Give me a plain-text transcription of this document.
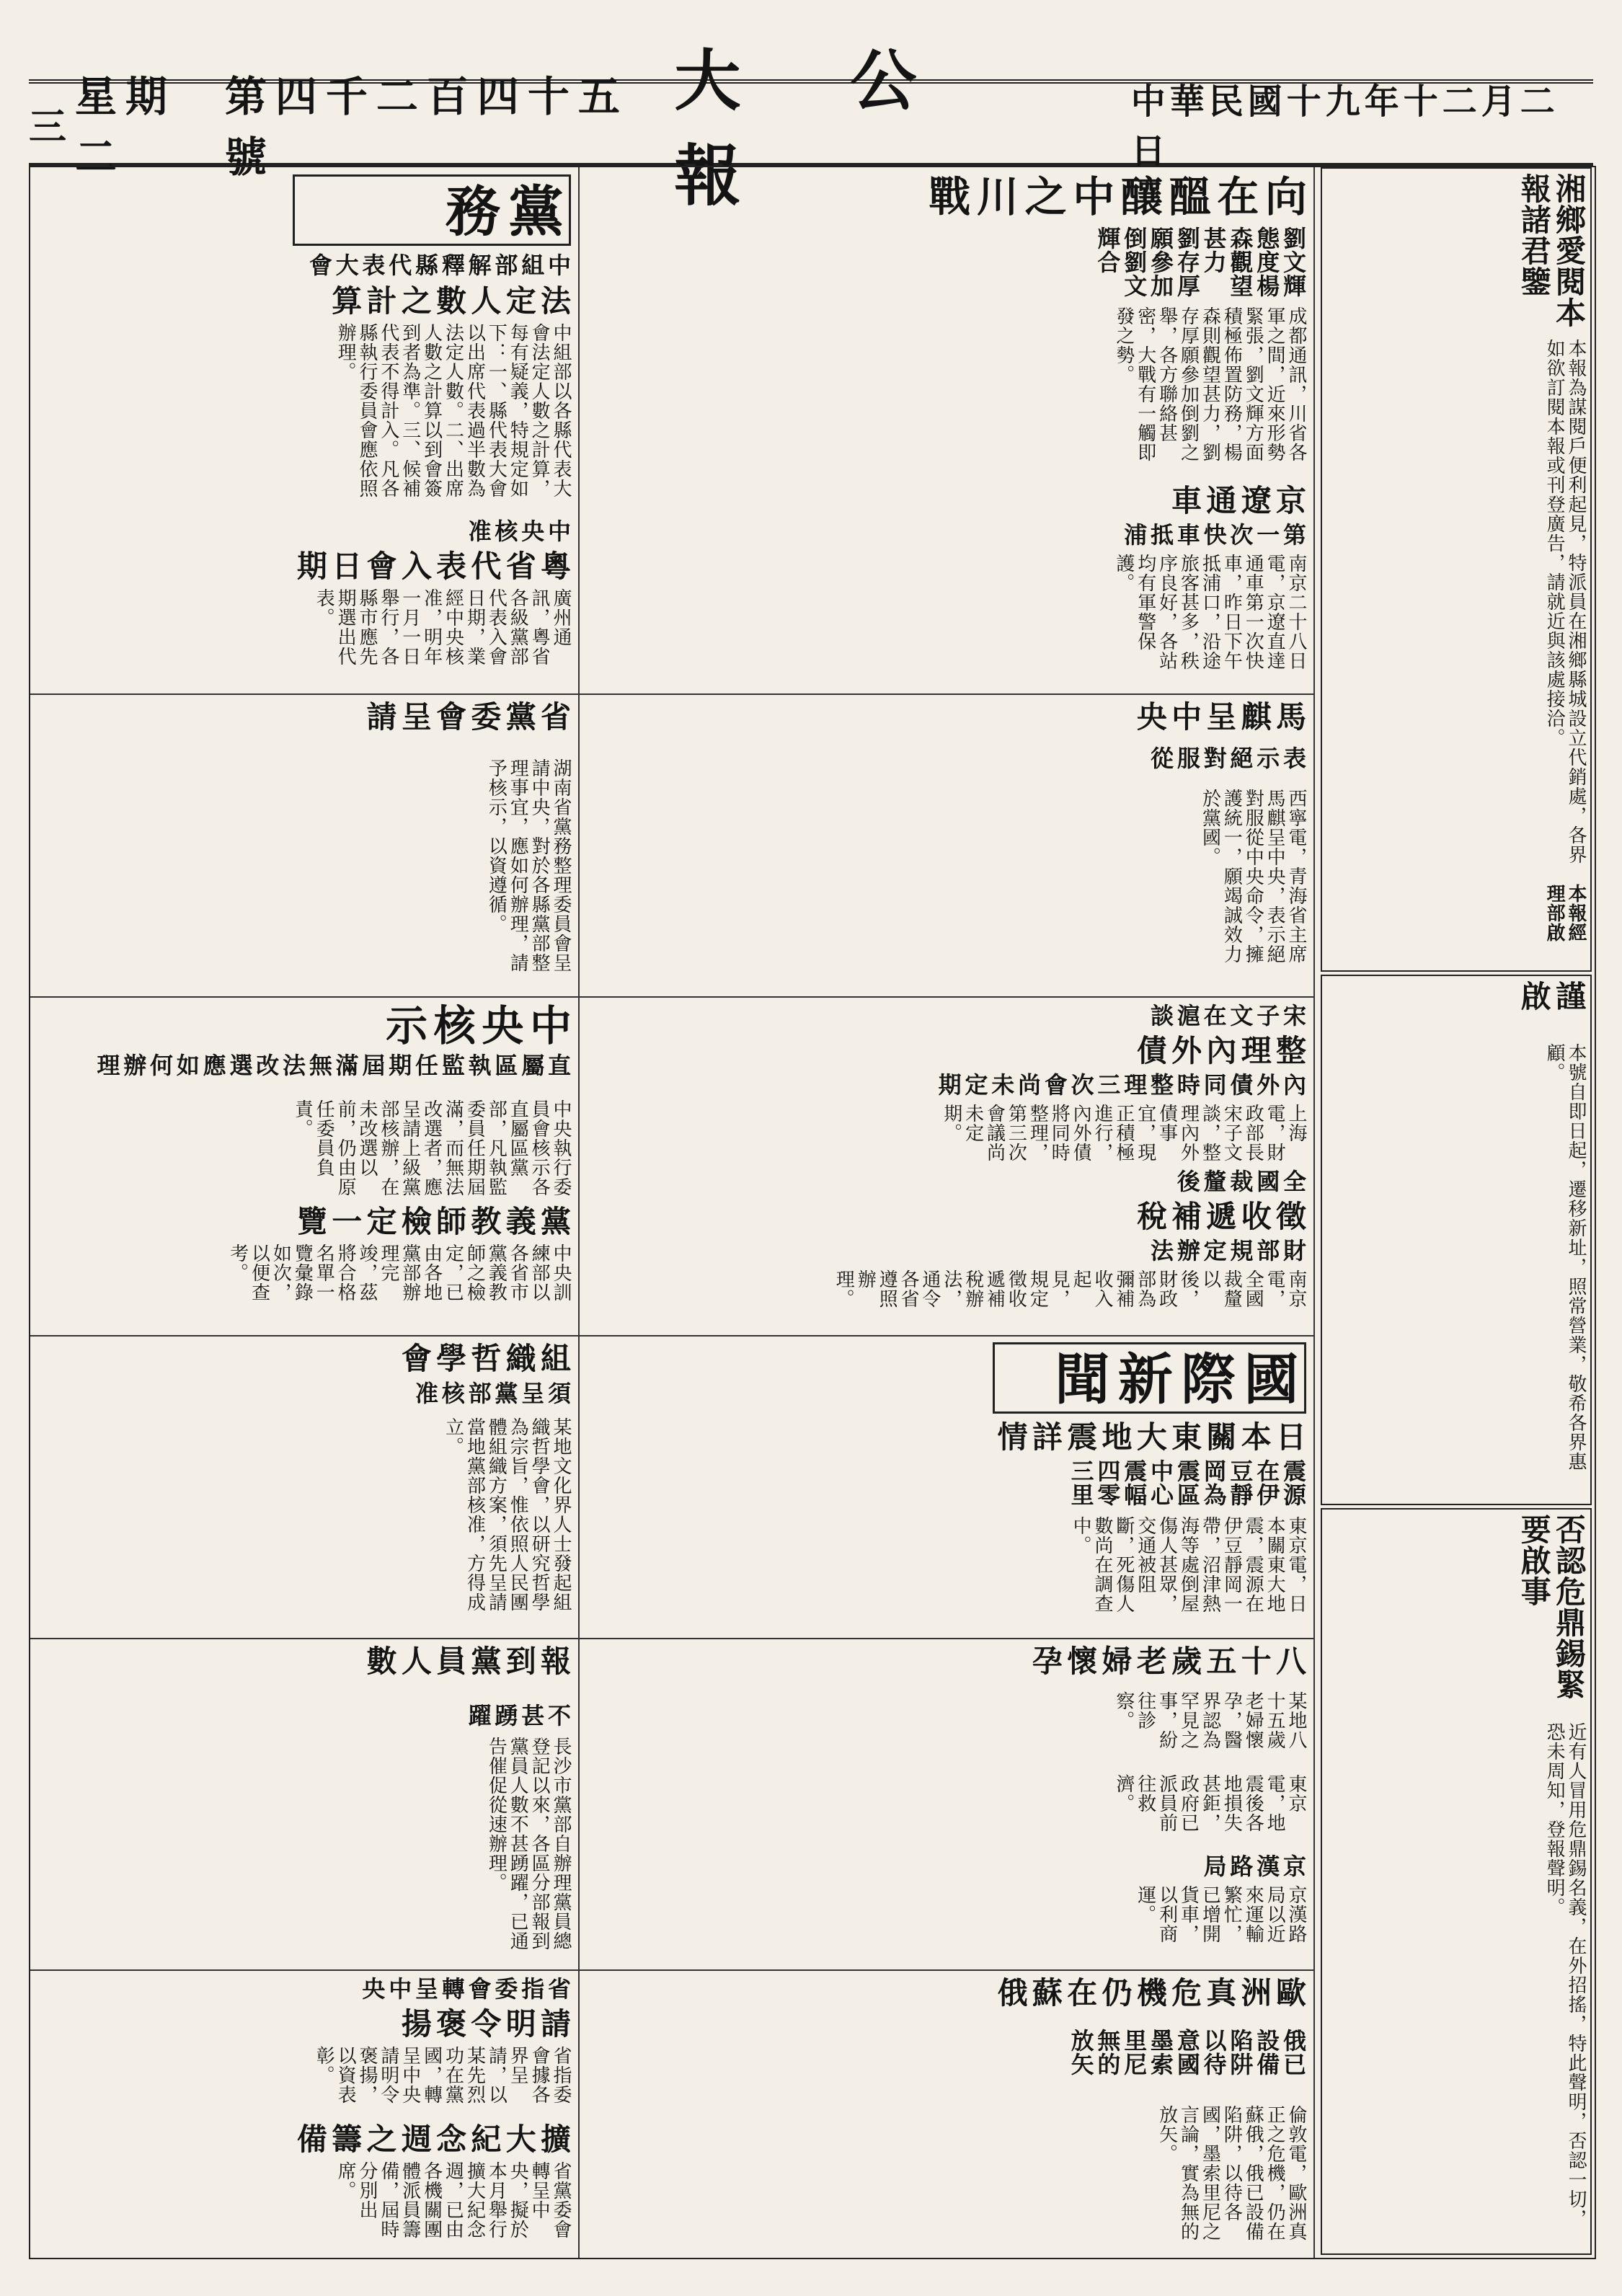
三
星期二
第四千二百四十五號
大 公 報
中華民國十九年十二月二日
湘鄉愛閱本報諸君鑒
本報為謀閱戶便利起見，特派員在湘鄉縣城設立代銷處，各界如欲訂閱本報或刊登廣告，請就近與該處接洽。
本報經理部啟
謹啟
本號自即日起，遷移新址，照常營業，敬希各界惠顧。
否認危鼎錫緊要啟事
近有人冒用危鼎錫名義，在外招搖，特此聲明，否認一切，恐未周知，登報聲明。
向在醞釀中之川戰
劉文輝態度楊森觀望甚力 劉存厚願參加倒劉文輝合
成都通訊，川省各軍之間，近來形勢緊張，劉文輝方面積極佈置防務，楊森則觀望甚力，劉存厚願參加倒劉之舉，各方聯絡甚密，大戰有一觸即發之勢。
京遼通車
第一次快車抵浦
南京二十八日電，京遼直達通車第一次快車，昨日下午抵浦口，沿途旅客甚多，秩序良好，各站均有軍警保護。
黨 務
中組部解釋縣代表大會
法定人數之計算
中組部以各縣代表大會法定人數之計算，每有疑義，特規定如下：一、縣代表大會以出席代表過半數為法定人數。二、出席人數之計算以到會簽到者為準。三、候補代表不得計入。凡各縣執行委員會應依照辦理。
中央核准
粵省代表入會日期
廣州通訊，粵省各級黨部代表入會日期，業經中央核准，明年一月一日舉行，各縣市應先期選出代表。
馬麒呈中央
表示絕對服從
西寧電，青海省主席馬麒呈中央，表示絕對服從中央命令，擁護統一，願竭誠效力於黨國。
省黨委會呈請
湖南省黨務整理委員會呈請中央，對於各縣黨部整理事宜，應如何辦理，請予核示，以資遵循。
宋子文在滬談
整理內外債
內外債同時整理 三次會尚未定期
上海電，財政部長宋子文談，整理內外債事宜，現正積極進行，內外債將同時整理，第三次會議尚未定期。
全國裁釐後
徵收遞補稅
財部規定辦法
南京電，全國裁釐以後，財政部為彌補收入起見，規定徵收遞補稅辦法，通令各省遵照辦理。
中央核示
直屬區執監任期屆滿 無法改選應如何辦理
中央執行委員會核示各直屬區黨部，凡執監委員任期屆滿，而無法改選者，應呈請上級黨部核辦，在未改選以前，仍由原任委員負責。
黨義教師檢定一覽
中央訓練部以各省市黨義教師之檢定，已由各地黨部辦理完竣，茲將合格名單一覽彙錄如次，以便查考。
國 際 新 聞
日本關東大地震詳情
震源在伊豆靜岡為震區中心 震幅四零三里
東京電，日本關東大地震，震源在伊豆靜岡一帶，沼津熱海等處倒屋傷人甚眾，交通被阻斷，死傷人數尚在調查中。
組織哲學會
須呈黨部核准
某地文化界人士發起組織哲學會，以研究哲學為宗旨，惟依照人民團體組織方案，須先呈請當地黨部核准，方得成立。
八十五歲老婦懷孕
某地八十五歲老婦懷孕，醫界認為罕見之事，紛往診察。
東京電，地震後各地損失甚鉅，政府已派員前往救濟。
京漢路局
京漢路局以近來運輸繁忙，已增開貨車，以利商運。
報到黨員人數
不甚踴躍
長沙市黨部自辦理黨員總登記以來，各區分部報到黨員人數不甚踴躍，已通告催促從速辦理。
歐洲真危機仍在蘇俄
俄已設備陷阱以待意國墨索里尼無的放矢
倫敦電，歐洲真正之危機，仍在蘇俄，俄已設備陷阱，以待各國，墨索里尼之言論，實為無的放矢。
省指委會轉呈中央
請明令褒揚
省指委會據各界呈請，以某先烈功在黨國，轉呈中央請明令褒揚，以資表彰。
擴大紀念週之籌備
省黨委會轉呈中央，擬於本月舉行擴大紀念週，已由各機關團體派員籌備，屆時分別出席。
